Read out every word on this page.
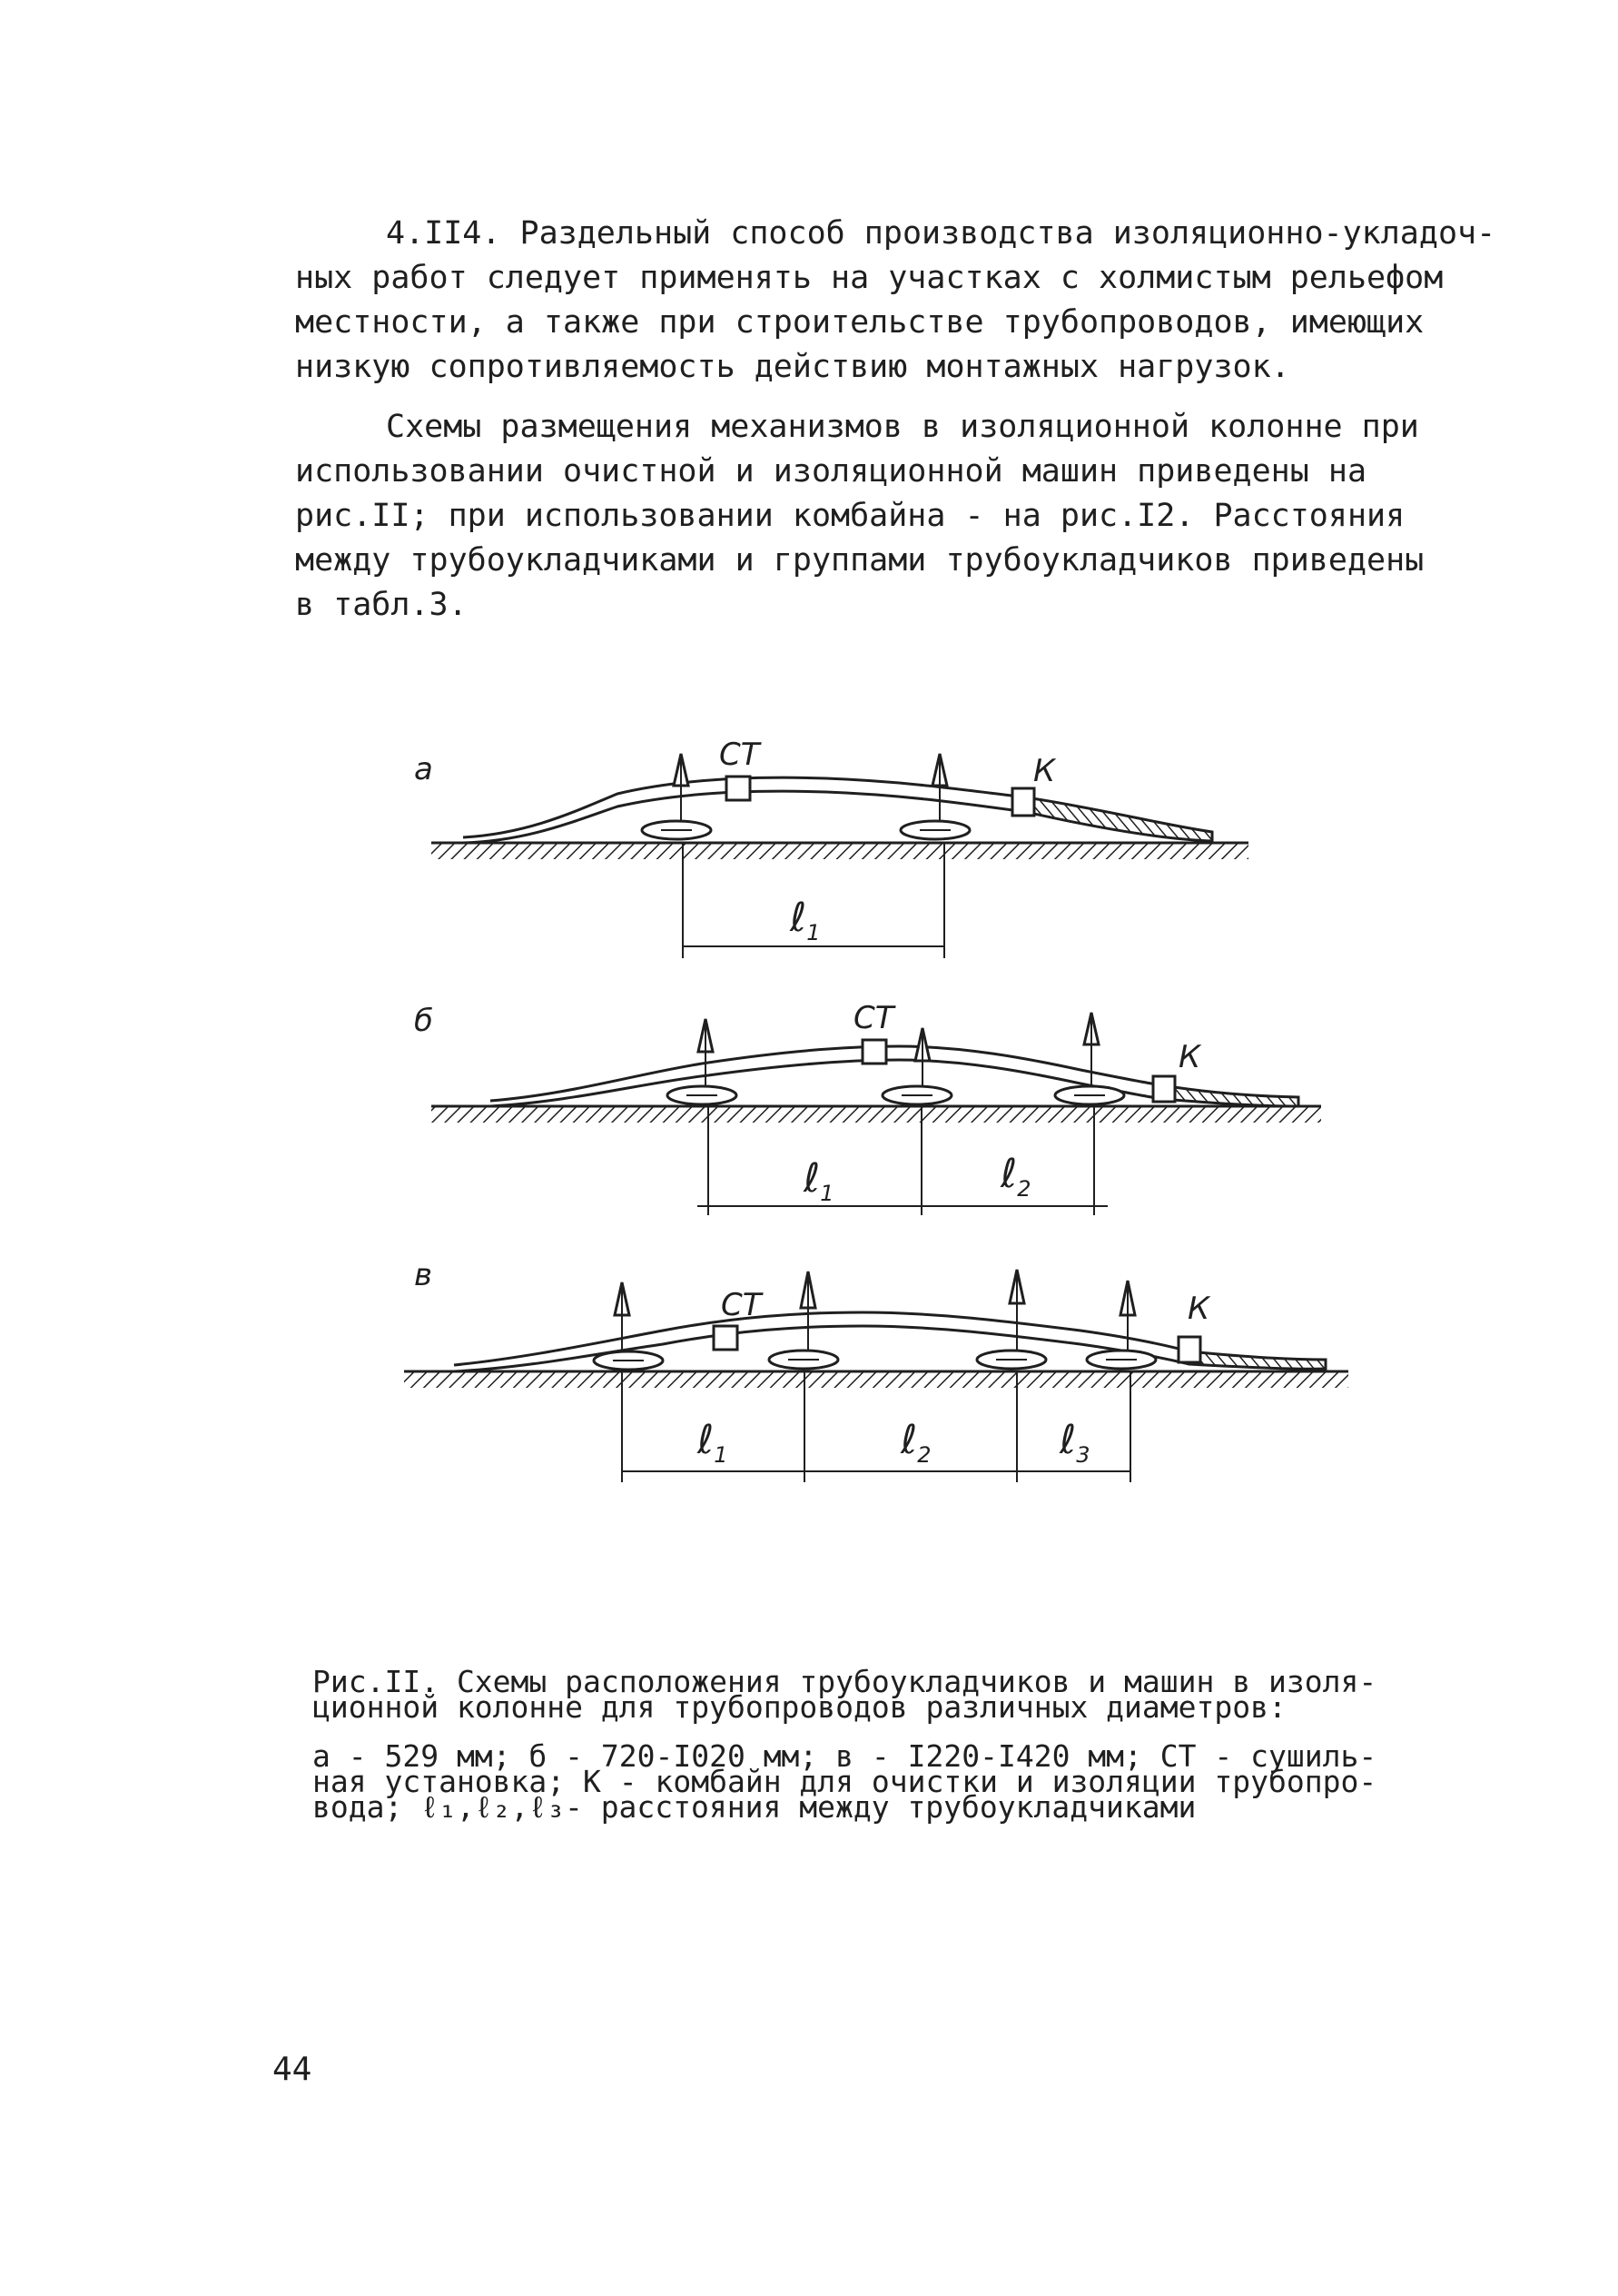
4.II4. Раздельный способ производства изоляционно-укладоч-
ных работ следует применять на участках с холмистым рельефом
местности, а также при строительстве трубопроводов, имеющих
низкую сопротивляемость действию монтажных нагрузок.
Схемы размещения механизмов в изоляционной колонне при
использовании очистной и изоляционной машин приведены на
рис.II; при использовании комбайна - на рис.I2. Расстояния
между трубоукладчиками и группами трубоукладчиков приведены
в табл.3.
а	СТ	К
ℓ1
б	СТ
К
ℓ1	ℓ2
в
СТ	К
ℓ1	ℓ2	ℓ3
Рис.II. Схемы расположения трубоукладчиков и машин в изоля-
ционной колонне для трубопроводов различных диаметров:
а - 529 мм; б - 720-I020 мм; в - I220-I420 мм; СТ - сушиль-
ная установка; К - комбайн для очистки и изоляции трубопро-
вода; ℓ₁,ℓ₂,ℓ₃- расстояния между трубоукладчиками
44
